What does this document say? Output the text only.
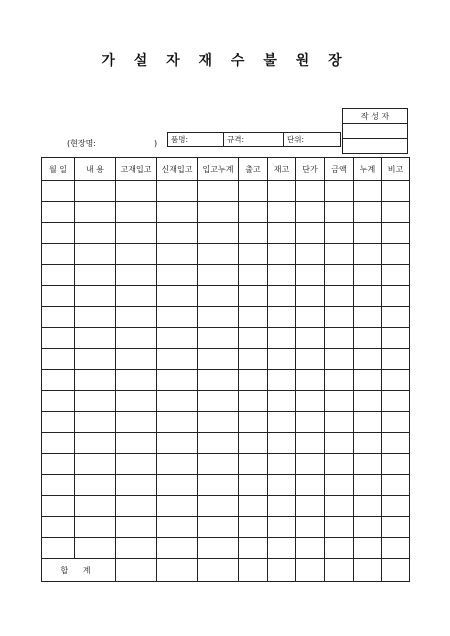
가 설 자 재 수 불 원 장
작 성 자

(현장명:	) 품명:	규격:	단위:
월 일	내 용	고재입고	신재입고	입고누계	출고	재고	단가	금액	누계	비고

합 계										
